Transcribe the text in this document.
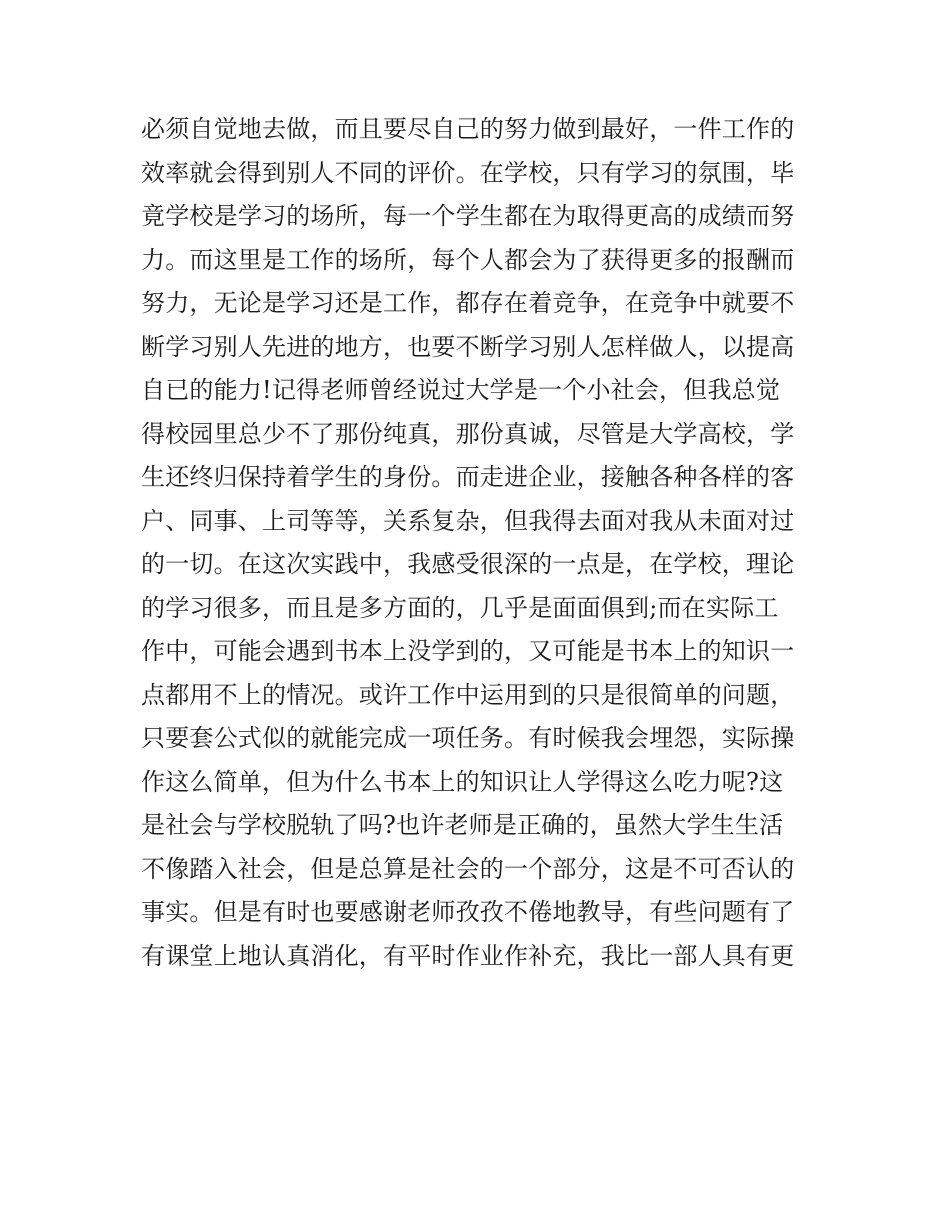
必须自觉地去做，而且要尽自己的努力做到最好，一件工作的
效率就会得到别人不同的评价。在学校，只有学习的氛围，毕
竟学校是学习的场所，每一个学生都在为取得更高的成绩而努
力。而这里是工作的场所，每个人都会为了获得更多的报酬而
努力，无论是学习还是工作，都存在着竞争，在竞争中就要不
断学习别人先进的地方，也要不断学习别人怎样做人，以提高
自已的能力!记得老师曾经说过大学是一个小社会，但我总觉
得校园里总少不了那份纯真，那份真诚，尽管是大学高校，学
生还终归保持着学生的身份。而走进企业，接触各种各样的客
户、同事、上司等等，关系复杂，但我得去面对我从未面对过
的一切。在这次实践中，我感受很深的一点是，在学校，理论
的学习很多，而且是多方面的，几乎是面面俱到;而在实际工
作中，可能会遇到书本上没学到的，又可能是书本上的知识一
点都用不上的情况。或许工作中运用到的只是很简单的问题，
只要套公式似的就能完成一项任务。有时候我会埋怨，实际操
作这么简单，但为什么书本上的知识让人学得这么吃力呢?这
是社会与学校脱轨了吗?也许老师是正确的，虽然大学生生活
不像踏入社会，但是总算是社会的一个部分，这是不可否认的
事实。但是有时也要感谢老师孜孜不倦地教导，有些问题有了
有课堂上地认真消化，有平时作业作补充，我比一部人具有更
